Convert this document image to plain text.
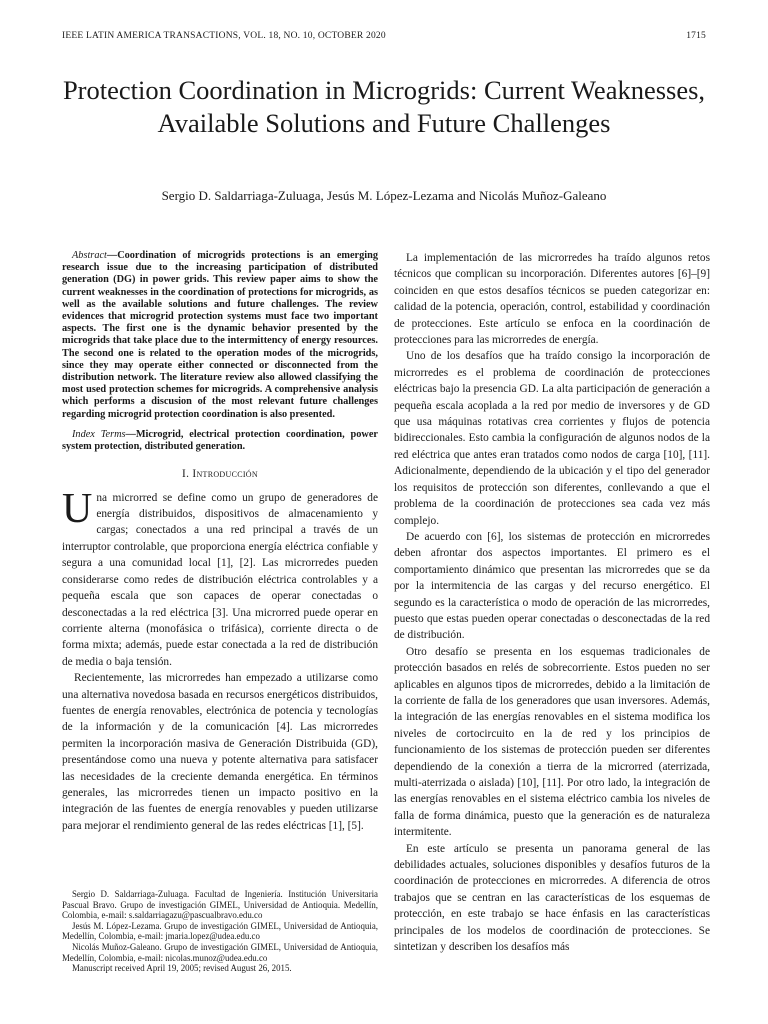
IEEE LATIN AMERICA TRANSACTIONS, VOL. 18, NO. 10, OCTOBER 2020	1715
Protection Coordination in Microgrids: Current Weaknesses, Available Solutions and Future Challenges
Sergio D. Saldarriaga-Zuluaga, Jesús M. López-Lezama and Nicolás Muñoz-Galeano

Abstract—Coordination of microgrids protections is an emerging research issue due to the increasing participation of distributed generation (DG) in power grids. This review paper aims to show the current weaknesses in the coordination of protections for microgrids, as well as the available solutions and future challenges. The review evidences that microgrid protection systems must face two important aspects. The first one is the dynamic behavior presented by the microgrids that take place due to the intermittency of energy resources. The second one is related to the operation modes of the microgrids, since they may operate either connected or disconnected from the distribution network. The literature review also allowed classifying the most used protection schemes for microgrids. A comprehensive analysis which performs a discusion of the most relevant future challenges regarding microgrid protection coordination is also presented.

Index Terms—Microgrid, electrical protection coordination, power system protection, distributed generation.

I. Introducción

Una microrred se define como un grupo de generadores de energía distribuidos, dispositivos de almacenamiento y cargas; conectados a una red principal a través de un interruptor controlable, que proporciona energía eléctrica confiable y segura a una comunidad local [1], [2]. Las microrredes pueden considerarse como redes de distribución eléctrica controlables y a pequeña escala que son capaces de operar conectadas o desconectadas a la red eléctrica [3]. Una microrred puede operar en corriente alterna (monofásica o trifásica), corriente directa o de forma mixta; además, puede estar conectada a la red de distribución de media o baja tensión.

Recientemente, las microrredes han empezado a utilizarse como una alternativa novedosa basada en recursos energéticos distribuidos, fuentes de energía renovables, electrónica de potencia y tecnologías de la información y de la comunicación [4]. Las microrredes permiten la incorporación masiva de Generación Distribuida (GD), presentándose como una nueva y potente alternativa para satisfacer las necesidades de la creciente demanda energética. En términos generales, las microrredes tienen un impacto positivo en la integración de las fuentes de energía renovables y pueden utilizarse para mejorar el rendimiento general de las redes eléctricas [1], [5].

La implementación de las microrredes ha traído algunos retos técnicos que complican su incorporación. Diferentes autores [6]–[9] coinciden en que estos desafíos técnicos se pueden categorizar en: calidad de la potencia, operación, control, estabilidad y coordinación de protecciones. Este artículo se enfoca en la coordinación de protecciones para las microrredes de energía.

Uno de los desafíos que ha traído consigo la incorporación de microrredes es el problema de coordinación de protecciones eléctricas bajo la presencia GD. La alta participación de generación a pequeña escala acoplada a la red por medio de inversores y de GD que usa máquinas rotativas crea corrientes y flujos de potencia bidireccionales. Esto cambia la configuración de algunos nodos de la red eléctrica que antes eran tratados como nodos de carga [10], [11]. Adicionalmente, dependiendo de la ubicación y el tipo del generador los requisitos de protección son diferentes, conllevando a que el problema de la coordinación de protecciones sea cada vez más complejo.

De acuerdo con [6], los sistemas de protección en microrredes deben afrontar dos aspectos importantes. El primero es el comportamiento dinámico que presentan las microrredes que se da por la intermitencia de las cargas y del recurso energético. El segundo es la característica o modo de operación de las microrredes, puesto que estas pueden operar conectadas o desconectadas de la red de distribución.

Otro desafío se presenta en los esquemas tradicionales de protección basados en relés de sobrecorriente. Estos pueden no ser aplicables en algunos tipos de microrredes, debido a la limitación de la corriente de falla de los generadores que usan inversores. Además, la integración de las energías renovables en el sistema modifica los niveles de cortocircuito en la de red y los principios de funcionamiento de los sistemas de protección pueden ser diferentes dependiendo de la conexión a tierra de la microrred (aterrizada, multi-aterrizada o aislada) [10], [11]. Por otro lado, la integración de las energías renovables en el sistema eléctrico cambia los niveles de falla de forma dinámica, puesto que la generación es de naturaleza intermitente.

En este artículo se presenta un panorama general de las debilidades actuales, soluciones disponibles y desafíos futuros de la coordinación de protecciones en microrredes. A diferencia de otros trabajos que se centran en las características de los esquemas de protección, en este trabajo se hace énfasis en las características principales de los modelos de coordinación de protecciones. Se sintetizan y describen los desafíos más

Sergio D. Saldarriaga-Zuluaga. Facultad de Ingeniería. Institución Universitaria Pascual Bravo. Grupo de investigación GIMEL, Universidad de Antioquia. Medellín, Colombia, e-mail: s.saldarriagazu@pascualbravo.edu.co

Jesús M. López-Lezama. Grupo de investigación GIMEL, Universidad de Antioquia, Medellín, Colombia, e-mail: jmaria.lopez@udea.edu.co

Nicolás Muñoz-Galeano. Grupo de investigación GIMEL, Universidad de Antioquia, Medellín, Colombia, e-mail: nicolas.munoz@udea.edu.co

Manuscript received April 19, 2005; revised August 26, 2015.
